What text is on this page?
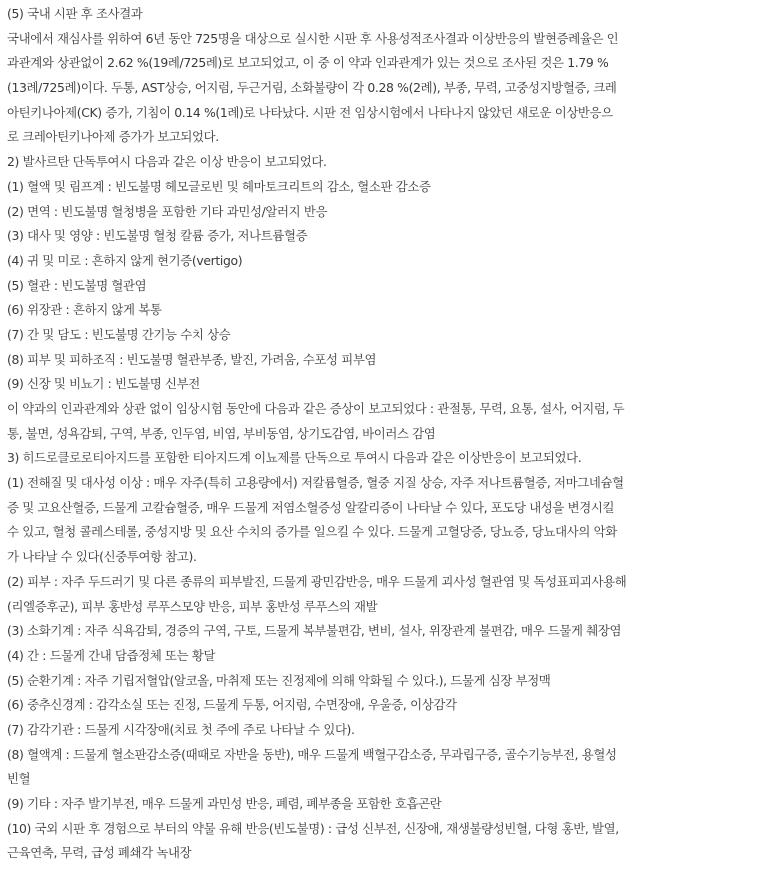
(5) 국내 시판 후 조사결과
국내에서 재심사를 위하여 6년 동안 725명을 대상으로 실시한 시판 후 사용성적조사결과 이상반응의 발현증례율은 인
과관계와 상관없이 2.62 %(19례/725례)로 보고되었고, 이 중 이 약과 인과관계가 있는 것으로 조사된 것은 1.79 %
(13례/725례)이다. 두통, AST상승, 어지럼, 두근거림, 소화불량이 각 0.28 %(2례), 부종, 무력, 고중성지방혈증, 크레
아틴키나아제(CK) 증가, 기침이 0.14 %(1례)로 나타났다. 시판 전 임상시험에서 나타나지 않았던 새로운 이상반응으
로 크레아틴키나아제 증가가 보고되었다.
2) 발사르탄 단독투여시 다음과 같은 이상 반응이 보고되었다.
(1) 혈액 및 림프계 : 빈도불명 헤모글로빈 및 헤마토크리트의 감소, 혈소판 감소증
(2) 면역 : 빈도불명 혈청병을 포함한 기타 과민성/알러지 반응
(3) 대사 및 영양 : 빈도불명 혈청 칼륨 증가, 저나트륨혈증
(4) 귀 및 미로 : 흔하지 않게 현기증(vertigo)
(5) 혈관 : 빈도불명 혈관염
(6) 위장관 : 흔하지 않게 복통
(7) 간 및 담도 : 빈도불명 간기능 수치 상승
(8) 피부 및 피하조직 : 빈도불명 혈관부종, 발진, 가려움, 수포성 피부염
(9) 신장 및 비뇨기 : 빈도불명 신부전
이 약과의 인과관계와 상관 없이 임상시험 동안에 다음과 같은 증상이 보고되었다 : 관절통, 무력, 요통, 설사, 어지럼, 두
통, 불면, 성욕감퇴, 구역, 부종, 인두염, 비염, 부비동염, 상기도감염, 바이러스 감염
3) 히드로클로로티아지드를 포함한 티아지드계 이뇨제를 단독으로 투여시 다음과 같은 이상반응이 보고되었다.
(1) 전해질 및 대사성 이상 : 매우 자주(특히 고용량에서) 저칼륨혈증, 혈중 지질 상승, 자주 저나트륨혈증, 저마그네슘혈
증 및 고요산혈증, 드물게 고칼슘혈증, 매우 드물게 저염소혈증성 알칼리증이 나타날 수 있다, 포도당 내성을 변경시킬
수 있고, 혈청 콜레스테롤, 중성지방 및 요산 수치의 증가를 일으킬 수 있다. 드물게 고혈당증, 당뇨증, 당뇨대사의 악화
가 나타날 수 있다(신중투여항 참고).
(2) 피부 : 자주 두드러기 및 다른 종류의 피부발진, 드물게 광민감반응, 매우 드물게 괴사성 혈관염 및 독성표피괴사용해
(리엘증후군), 피부 홍반성 루푸스모양 반응, 피부 홍반성 루푸스의 재발
(3) 소화기계 : 자주 식욕감퇴, 경증의 구역, 구토, 드물게 복부불편감, 변비, 설사, 위장관계 불편감, 매우 드물게 췌장염
(4) 간 : 드물게 간내 담즙정체 또는 황달
(5) 순환기계 : 자주 기립저혈압(알코올, 마취제 또는 진정제에 의해 악화될 수 있다.), 드물게 심장 부정맥
(6) 중추신경계 : 감각소실 또는 진정, 드물게 두통, 어지럼, 수면장애, 우울증, 이상감각
(7) 감각기관 : 드물게 시각장애(치료 첫 주에 주로 나타날 수 있다).
(8) 혈액계 : 드물게 혈소판감소증(때때로 자반을 동반), 매우 드물게 백혈구감소증, 무과립구증, 골수기능부전, 용혈성
빈혈
(9) 기타 : 자주 발기부전, 매우 드물게 과민성 반응, 폐렴, 폐부종을 포함한 호흡곤란
(10) 국외 시판 후 경험으로 부터의 약물 유해 반응(빈도불명) : 급성 신부전, 신장애, 재생불량성빈혈, 다형 홍반, 발열,
근육연축, 무력, 급성 폐쇄각 녹내장
